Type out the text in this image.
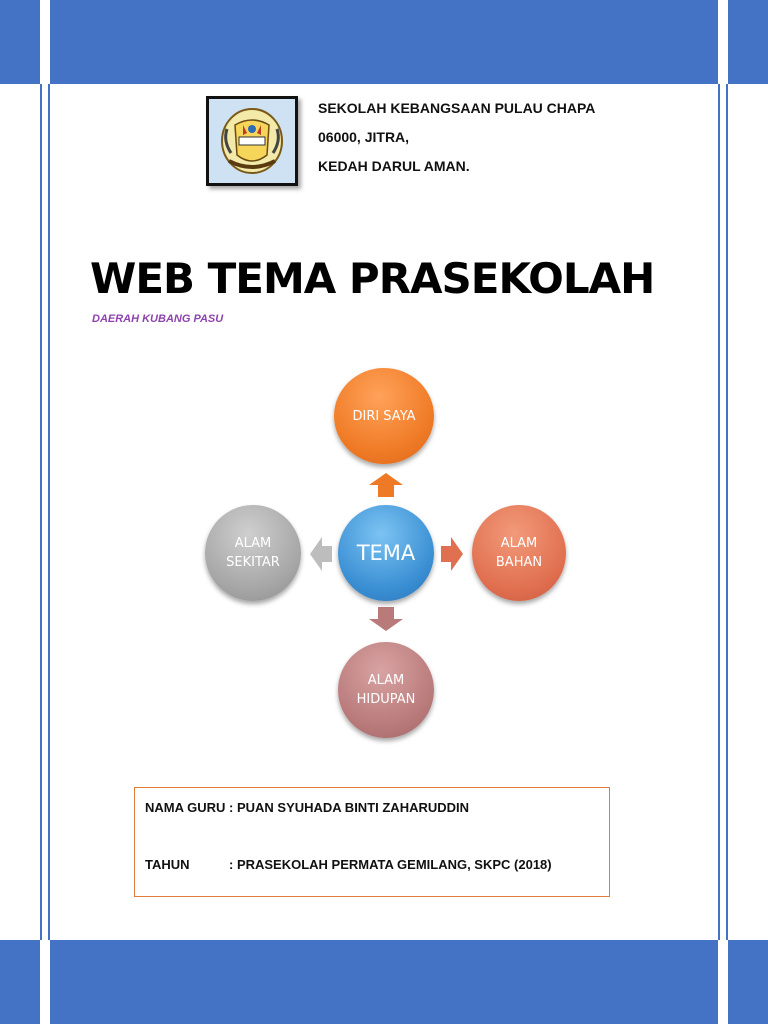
SEKOLAH KEBANGSAAN PULAU CHAPA
06000, JITRA,
KEDAH DARUL AMAN.
WEB TEMA PRASEKOLAH
DAERAH KUBANG PASU
DIRI SAYA
ALAM
SEKITAR	TEMA	ALAM
BAHAN
ALAM
HIDUPAN
NAMA GURU : PUAN SYUHADA BINTI ZAHARUDDIN
TAHUN	: PRASEKOLAH PERMATA GEMILANG, SKPC (2018)
